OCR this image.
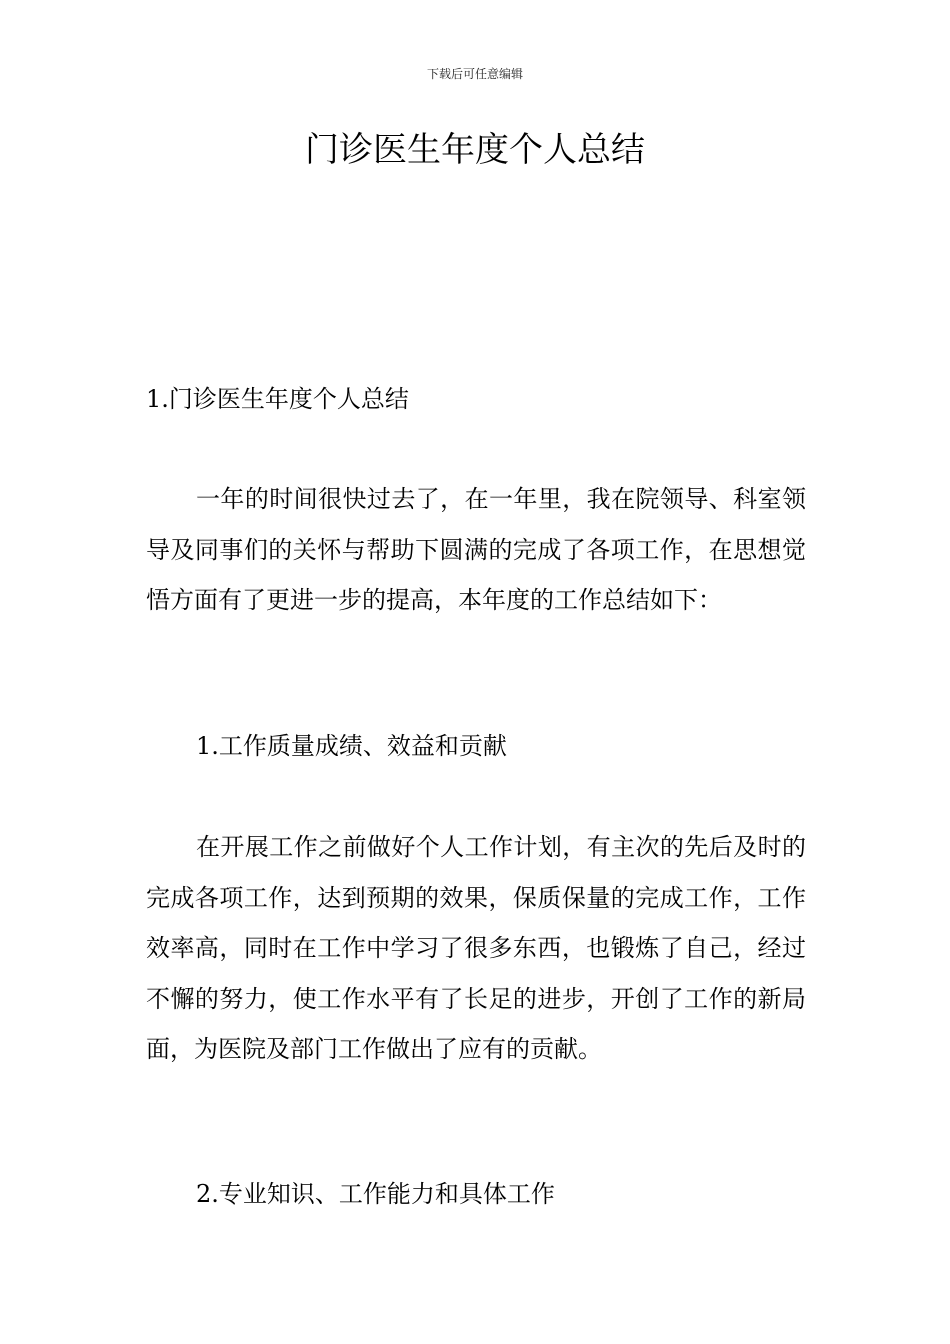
下载后可任意编辑
门诊医生年度个人总结

1.门诊医生年度个人总结

一年的时间很快过去了，在一年里，我在院领导、科室领导及同事们的关怀与帮助下圆满的完成了各项工作，在思想觉悟方面有了更进一步的提高，本年度的工作总结如下：

1.工作质量成绩、效益和贡献

在开展工作之前做好个人工作计划，有主次的先后及时的完成各项工作，达到预期的效果，保质保量的完成工作，工作效率高，同时在工作中学习了很多东西，也锻炼了自己，经过不懈的努力，使工作水平有了长足的进步，开创了工作的新局面，为医院及部门工作做出了应有的贡献。

2.专业知识、工作能力和具体工作
